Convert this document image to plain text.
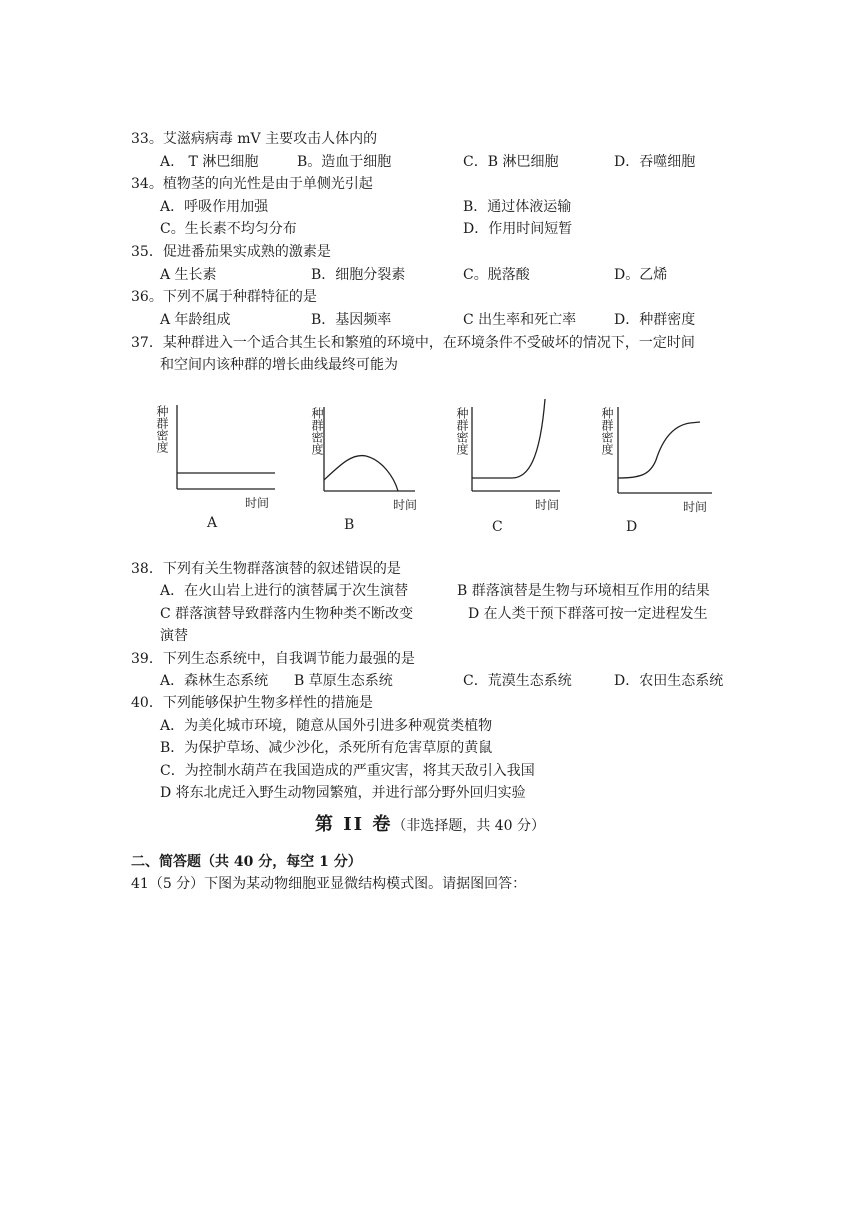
33。艾滋病病毒 mV 主要攻击人体内的
A.　T 淋巴细胞	B。造血于细胞	C．B 淋巴细胞	D．吞噬细胞
34。植物茎的向光性是由于单侧光引起
A．呼吸作用加强	B．通过体液运输
C。生长素不均匀分布	D．作用时间短暂
35．促进番茄果实成熟的激素是
A 生长素	B．细胞分裂素	C。脱落酸	D。乙烯
36。下列不属于种群特征的是
A 年龄组成	B．基因频率	C 出生率和死亡率	D．种群密度
37．某种群进入一个适合其生长和繁殖的环境中，在环境条件不受破坏的情况下，一定时间
和空间内该种群的增长曲线最终可能为
种群密度
时间
种群密度
时间
种群密度
时间
种群密度
时间
A	B	C	D
38．下列有关生物群落演替的叙述错误的是
A．在火山岩上进行的演替属于次生演替	B 群落演替是生物与环境相互作用的结果
C 群落演替导致群落内生物种类不断改变	D 在人类干预下群落可按一定进程发生
演替
39．下列生态系统中，自我调节能力最强的是
A．森林生态系统 B 草原生态系统	C．荒漠生态系统	D．农田生态系统
40．下列能够保护生物多样性的措施是
A．为美化城市环境，随意从国外引进多种观赏类植物
B．为保护草场、减少沙化，杀死所有危害草原的黄鼠
C．为控制水葫芦在我国造成的严重灾害，将其天敌引入我国
D 将东北虎迁入野生动物园繁殖，并进行部分野外回归实验
第 II 卷（非选择题，共 40 分）
二、简答题（共 40 分，每空 1 分）
41（5 分）下图为某动物细胞亚显微结构模式图。请据图回答：
